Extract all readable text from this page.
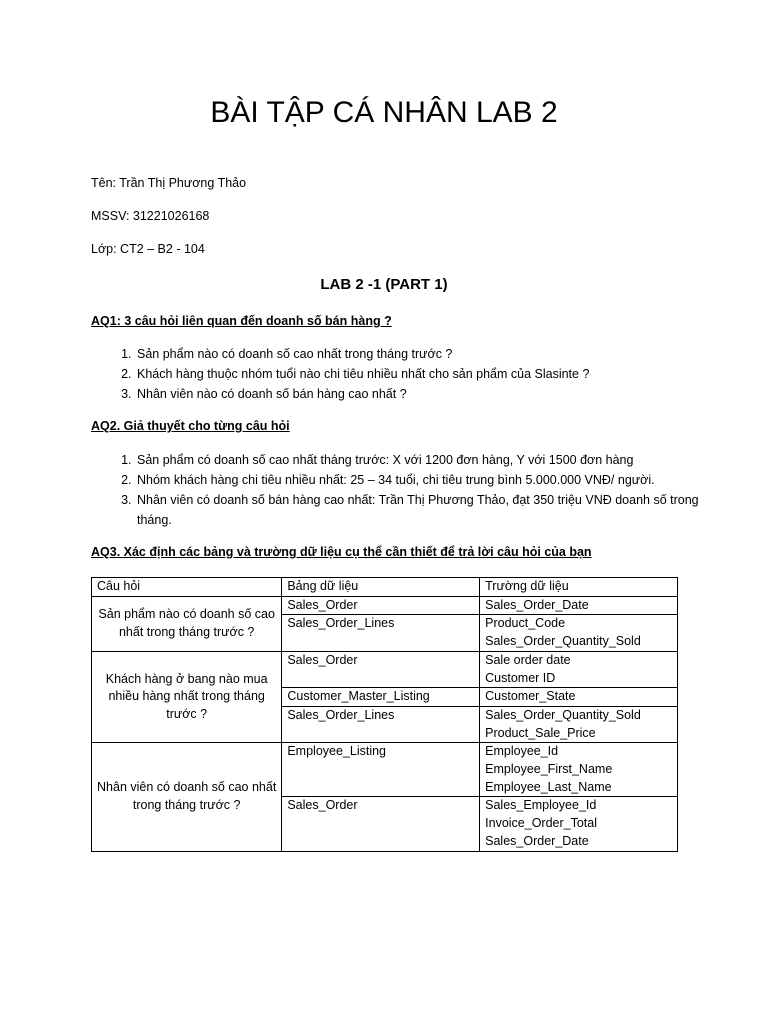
BÀI TẬP CÁ NHÂN LAB 2
Tên: Trần Thị Phương Thảo
MSSV: 31221026168
Lớp: CT2 – B2 - 104
LAB 2 -1 (PART 1)
AQ1: 3 câu hỏi liên quan đến doanh số bán hàng ?
1. Sản phẩm nào có doanh số cao nhất trong tháng trước ?
2. Khách hàng thuộc nhóm tuổi nào chi tiêu nhiều nhất cho sản phẩm của Slasinte ?
3. Nhân viên nào có doanh số bán hàng cao nhất ?
AQ2. Giả thuyết cho từng câu hỏi
1. Sản phẩm có doanh số cao nhất tháng trước: X với 1200 đơn hàng, Y với 1500 đơn hàng
2. Nhóm khách hàng chi tiêu nhiều nhất: 25 – 34 tuổi, chi tiêu trung bình 5.000.000 VNĐ/ người.
3. Nhân viên có doanh số bán hàng cao nhất: Trần Thị Phương Thảo, đạt 350 triệu VNĐ doanh số trong tháng.
AQ3. Xác định các bảng và trường dữ liệu cụ thể cần thiết để trả lời câu hỏi của bạn
Câu hỏi	Bảng dữ liệu	Trường dữ liệu
Sản phẩm nào có doanh số cao nhất trong tháng trước ?	Sales_Order	Sales_Order_Date

	Sales_Order_Lines	Product_Code
Sales_Order_Quantity_Sold

Khách hàng ở bang nào mua nhiều hàng nhất trong tháng trước ?	Sales_Order	Sale order date
Customer ID

	Customer_Master_Listing	Customer_State

	Sales_Order_Lines	Sales_Order_Quantity_Sold
Product_Sale_Price

Nhân viên có doanh số cao nhất trong tháng trước ?	Employee_Listing	Employee_Id
Employee_First_Name
Employee_Last_Name

	Sales_Order	Sales_Employee_Id
Invoice_Order_Total
Sales_Order_Date
